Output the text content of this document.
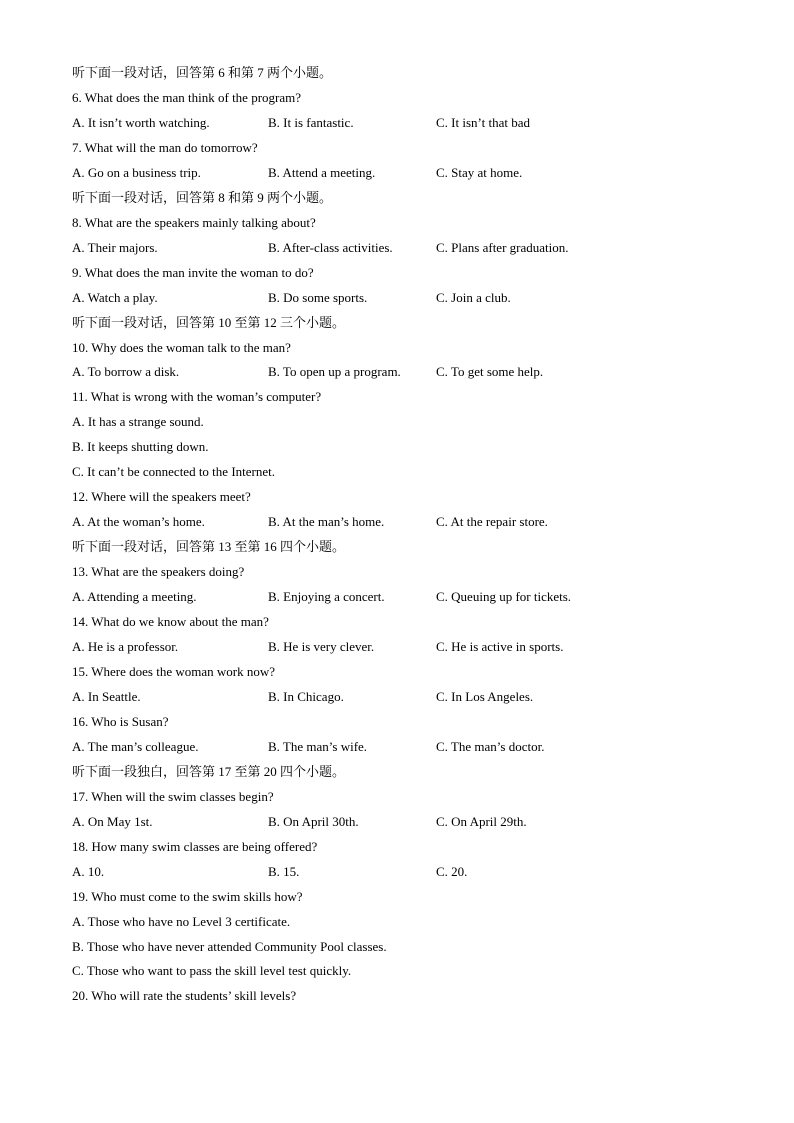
听下面一段对话，回答第 6 和第 7 两个小题。
6. What does the man think of the program?
A. It isn’t worth watching.	B. It is fantastic.	C. It isn’t that bad
7. What will the man do tomorrow?
A. Go on a business trip.	B. Attend a meeting.	C. Stay at home.
听下面一段对话，回答第 8 和第 9 两个小题。
8. What are the speakers mainly talking about?
A. Their majors.	B. After-class activities.	C. Plans after graduation.
9. What does the man invite the woman to do?
A. Watch a play.	B. Do some sports.	C. Join a club.
听下面一段对话，回答第 10 至第 12 三个小题。
10. Why does the woman talk to the man?
A. To borrow a disk.	B. To open up a program.	C. To get some help.
11. What is wrong with the woman’s computer?
A. It has a strange sound.
B. It keeps shutting down.
C. It can’t be connected to the Internet.
12. Where will the speakers meet?
A. At the woman’s home.	B. At the man’s home.	C. At the repair store.
听下面一段对话，回答第 13 至第 16 四个小题。
13. What are the speakers doing?
A. Attending a meeting.	B. Enjoying a concert.	C. Queuing up for tickets.
14. What do we know about the man?
A. He is a professor.	B. He is very clever.	C. He is active in sports.
15. Where does the woman work now?
A. In Seattle.	B. In Chicago.	C. In Los Angeles.
16. Who is Susan?
A. The man’s colleague.	B. The man’s wife.	C. The man’s doctor.
听下面一段独白，回答第 17 至第 20 四个小题。
17. When will the swim classes begin?
A. On May 1st.	B. On April 30th.	C. On April 29th.
18. How many swim classes are being offered?
A. 10.	B. 15.	C. 20.
19. Who must come to the swim skills how?
A. Those who have no Level 3 certificate.
B. Those who have never attended Community Pool classes.
C. Those who want to pass the skill level test quickly.
20. Who will rate the students’ skill levels?
